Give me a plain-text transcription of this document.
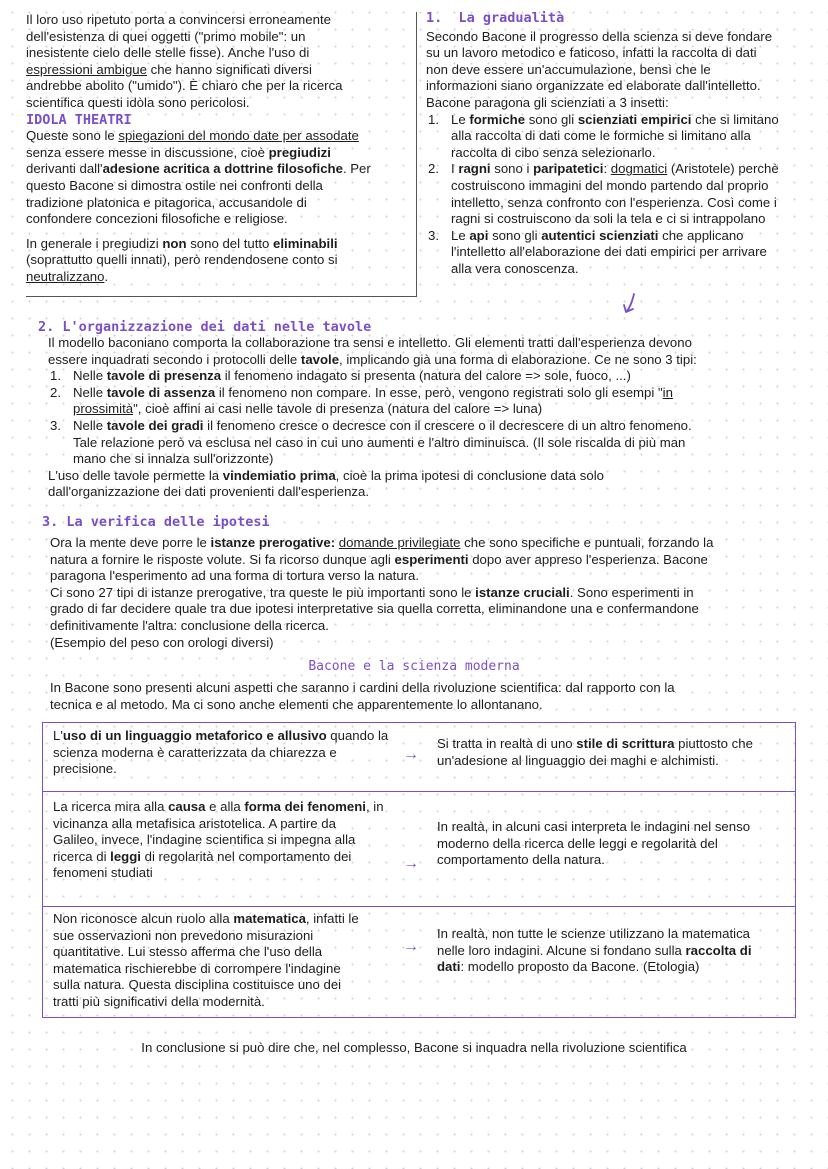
Il loro uso ripetuto porta a convincersi erroneamente

dell'esistenza di quei oggetti ("primo mobile": un

inesistente cielo delle stelle fisse). Anche l'uso di

espressioni ambigue che hanno significati diversi

andrebbe abolito ("umido"). È chiaro che per la ricerca

scientifica questi idòla sono pericolosi.

IDOLA THEATRI

Queste sono le spiegazioni del mondo date per assodate

senza essere messe in discussione, cioè pregiudizi

derivanti dall'adesione acritica a dottrine filosofiche. Per

questo Bacone si dimostra ostile nei confronti della

tradizione platonica e pitagorica, accusandole di

confondere concezioni filosofiche e religiose.

In generale i pregiudizi non sono del tutto eliminabili

(soprattutto quelli innati), però rendendosene conto si

neutralizzano.

1. La gradualità

Secondo Bacone il progresso della scienza si deve fondare

su un lavoro metodico e faticoso, infatti la raccolta di dati

non deve essere un'accumulazione, bensì che le

informazioni siano organizzate ed elaborate dall'intelletto.

Bacone paragona gli scienziati a 3 insetti:

1. Le formiche sono gli scienziati empirici che si limitano

alla raccolta di dati come le formiche si limitano alla

raccolta di cibo senza selezionarlo.

2. I ragni sono i paripatetici: dogmatici (Aristotele) perchè

costruiscono immagini del mondo partendo dal proprio

intelletto, senza confronto con l'esperienza. Così come i

ragni si costruiscono da soli la tela e ci si intrappolano

3. Le api sono gli autentici scienziati che applicano

l'intelletto all'elaborazione dei dati empirici per arrivare

alla vera conoscenza.

2. L'organizzazione dei dati nelle tavole

Il modello baconiano comporta la collaborazione tra sensi e intelletto. Gli elementi tratti dall'esperienza devono

essere inquadrati secondo i protocolli delle tavole, implicando già una forma di elaborazione. Ce ne sono 3 tipi:

1. Nelle tavole di presenza il fenomeno indagato si presenta (natura del calore => sole, fuoco, ...)

2. Nelle tavole di assenza il fenomeno non compare. In esse, però, vengono registrati solo gli esempi "in

prossimità", cioè affini ai casi nelle tavole di presenza (natura del calore => luna)

3. Nelle tavole dei gradi il fenomeno cresce o decresce con il crescere o il decrescere di un altro fenomeno.

Tale relazione però va esclusa nel caso in cui uno aumenti e l'altro diminuisca. (Il sole riscalda di più man

mano che si innalza sull'orizzonte)

L'uso delle tavole permette la vindemiatio prima, cioè la prima ipotesi di conclusione data solo

dall'organizzazione dei dati provenienti dall'esperienza.

3. La verifica delle ipotesi

Ora la mente deve porre le istanze prerogative: domande privilegiate che sono specifiche e puntuali, forzando la

natura a fornire le risposte volute. Si fa ricorso dunque agli esperimenti dopo aver appreso l'esperienza. Bacone

paragona l'esperimento ad una forma di tortura verso la natura.

Ci sono 27 tipi di istanze prerogative, tra queste le più importanti sono le istanze cruciali. Sono esperimenti in

grado di far decidere quale tra due ipotesi interpretative sia quella corretta, eliminandone una e confermandone

definitivamente l'altra: conclusione della ricerca.

(Esempio del peso con orologi diversi)

Bacone e la scienza moderna

In Bacone sono presenti alcuni aspetti che saranno i cardini della rivoluzione scientifica: dal rapporto con la

tecnica e al metodo. Ma ci sono anche elementi che apparentemente lo allontanano.

L'uso di un linguaggio metaforico e allusivo quando la

scienza moderna è caratterizzata da chiarezza e

precisione.

→

Si tratta in realtà di uno stile di scrittura piuttosto che

un'adesione al linguaggio dei maghi e alchimisti.

La ricerca mira alla causa e alla forma dei fenomeni, in

vicinanza alla metafisica aristotelica. A partire da

Galileo, invece, l'indagine scientifica si impegna alla

ricerca di leggi di regolarità nel comportamento dei

fenomeni studiati

→

In realtà, in alcuni casi interpreta le indagini nel senso

moderno della ricerca delle leggi e regolarità del

comportamento della natura.

Non riconosce alcun ruolo alla matematica, infatti le

sue osservazioni non prevedono misurazioni

quantitative. Lui stesso afferma che l'uso della

matematica rischierebbe di corrompere l'indagine

sulla natura. Questa disciplina costituisce uno dei

tratti più significativi della modernità.

→

In realtà, non tutte le scienze utilizzano la matematica

nelle loro indagini. Alcune si fondano sulla raccolta di

dati: modello proposto da Bacone. (Etologia)

In conclusione si può dire che, nel complesso, Bacone si inquadra nella rivoluzione scientifica
